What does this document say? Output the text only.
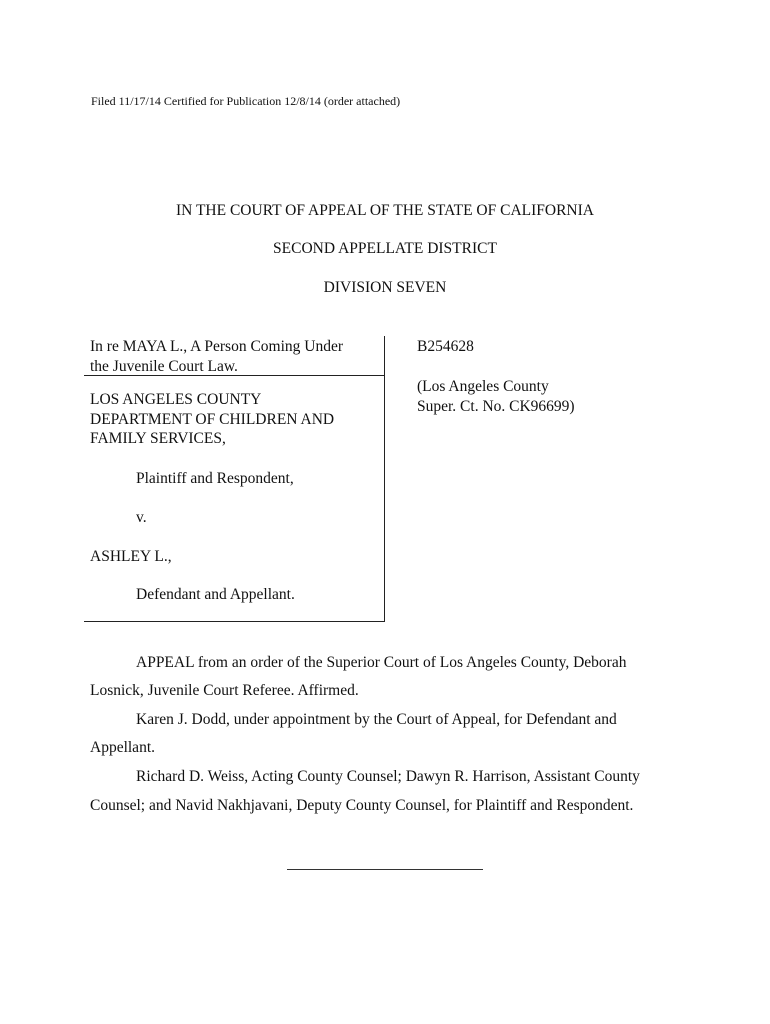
Filed 11/17/14 Certified for Publication 12/8/14 (order attached)
IN THE COURT OF APPEAL OF THE STATE OF CALIFORNIA
SECOND APPELLATE DISTRICT
DIVISION SEVEN
In re MAYA L., A Person Coming Under
the Juvenile Court Law.
LOS ANGELES COUNTY
DEPARTMENT OF CHILDREN AND
FAMILY SERVICES,
Plaintiff and Respondent,
v.
ASHLEY L.,
Defendant and Appellant.
B254628
(Los Angeles County
Super. Ct. No. CK96699)
APPEAL from an order of the Superior Court of Los Angeles County, Deborah
Losnick, Juvenile Court Referee. Affirmed.
Karen J. Dodd, under appointment by the Court of Appeal, for Defendant and
Appellant.
Richard D. Weiss, Acting County Counsel; Dawyn R. Harrison, Assistant County
Counsel; and Navid Nakhjavani, Deputy County Counsel, for Plaintiff and Respondent.
